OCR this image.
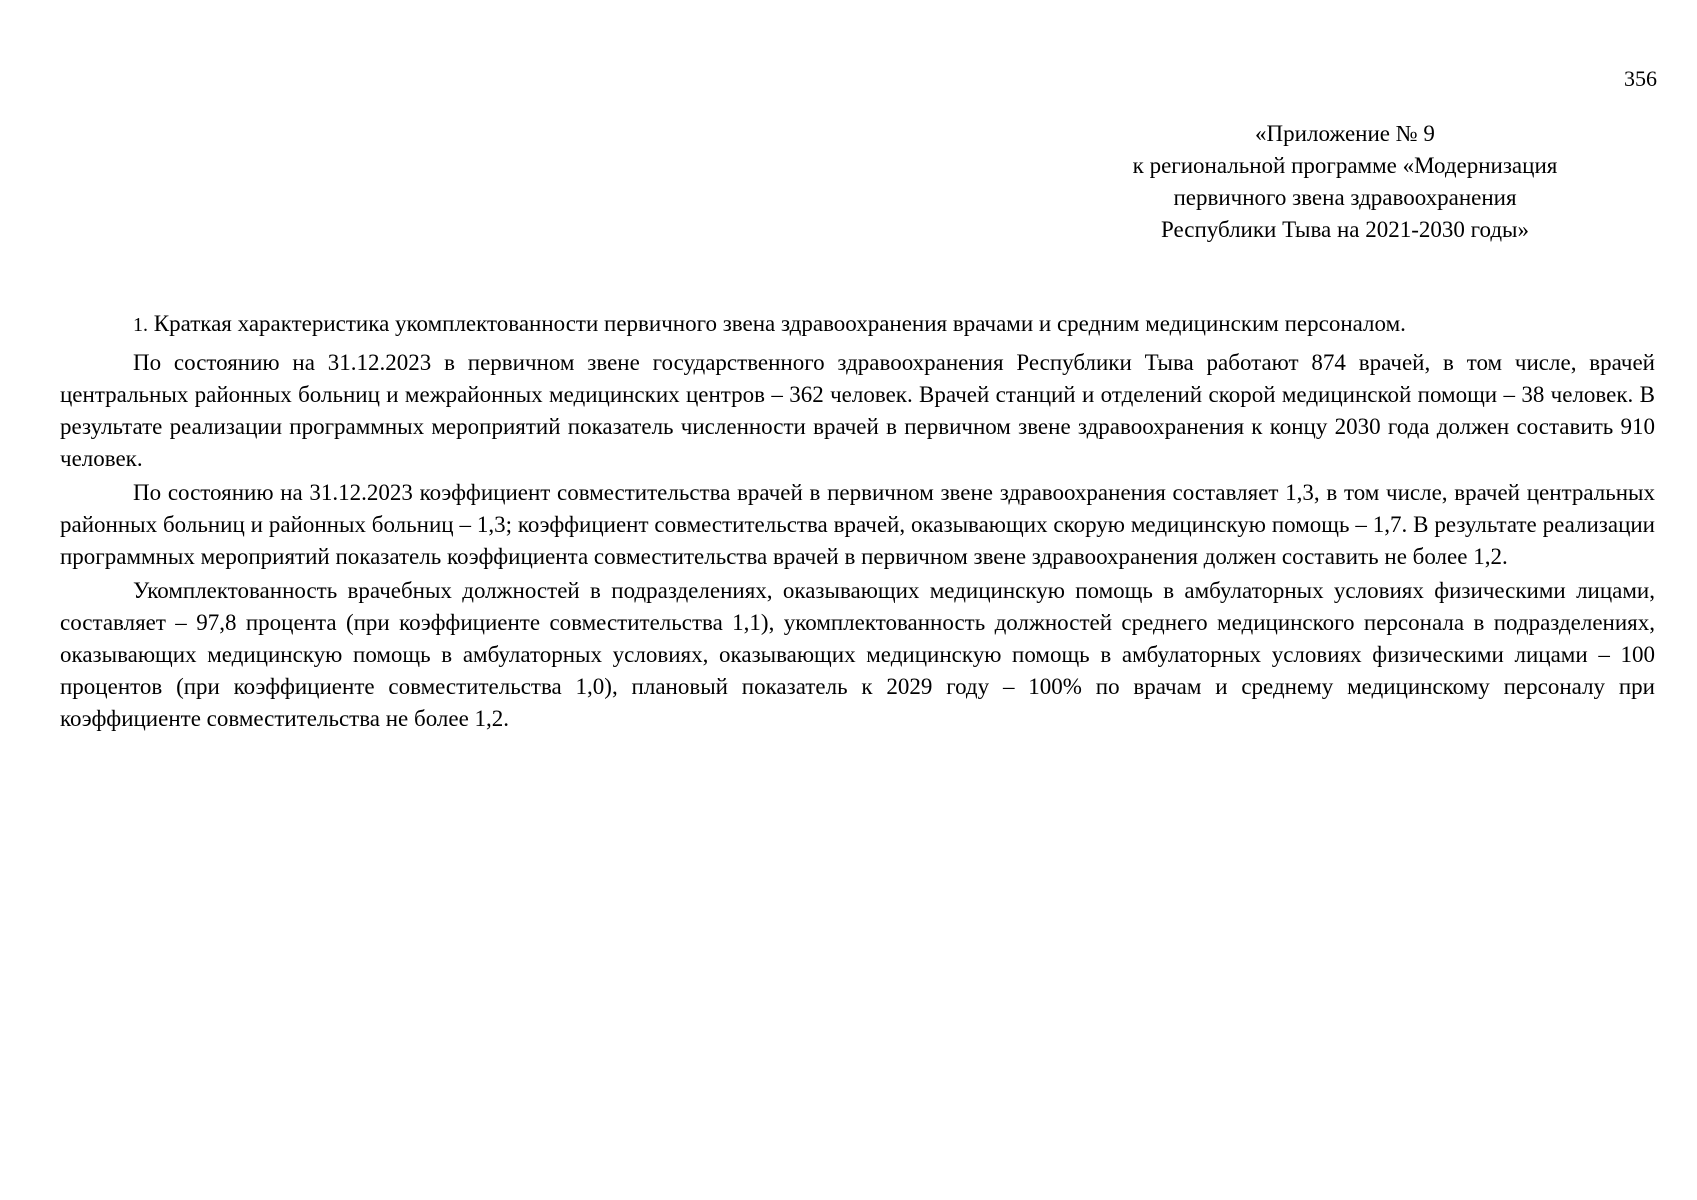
356
«Приложение № 9
к региональной программе «Модернизация
первичного звена здравоохранения
Республики Тыва на 2021-2030 годы»

1. Краткая характеристика укомплектованности первичного звена здравоохранения врачами и средним медицинским персоналом.

По состоянию на 31.12.2023 в первичном звене государственного здравоохранения Республики Тыва работают 874 врачей, в том числе, врачей центральных районных больниц и межрайонных медицинских центров – 362 человек. Врачей станций и отделений скорой медицинской помощи – 38 человек. В результате реализации программных мероприятий показатель численности врачей в первичном звене здравоохранения к концу 2030 года должен составить 910 человек.

По состоянию на 31.12.2023 коэффициент совместительства врачей в первичном звене здравоохранения составляет 1,3, в том числе, врачей центральных районных больниц и районных больниц – 1,3; коэффициент совместительства врачей, оказывающих скорую медицинскую помощь – 1,7. В результате реализации программных мероприятий показатель коэффициента совместительства врачей в первичном звене здравоохранения должен составить не более 1,2.

Укомплектованность врачебных должностей в подразделениях, оказывающих медицинскую помощь в амбулаторных условиях физическими лицами, составляет – 97,8 процента (при коэффициенте совместительства 1,1), укомплектованность должностей среднего медицинского персонала в подразделениях, оказывающих медицинскую помощь в амбулаторных условиях, оказывающих медицинскую помощь в амбулаторных условиях физическими лицами – 100 процентов (при коэффициенте совместительства 1,0), плановый показатель к 2029 году – 100% по врачам и среднему медицинскому персоналу при коэффициенте совместительства не более 1,2.
